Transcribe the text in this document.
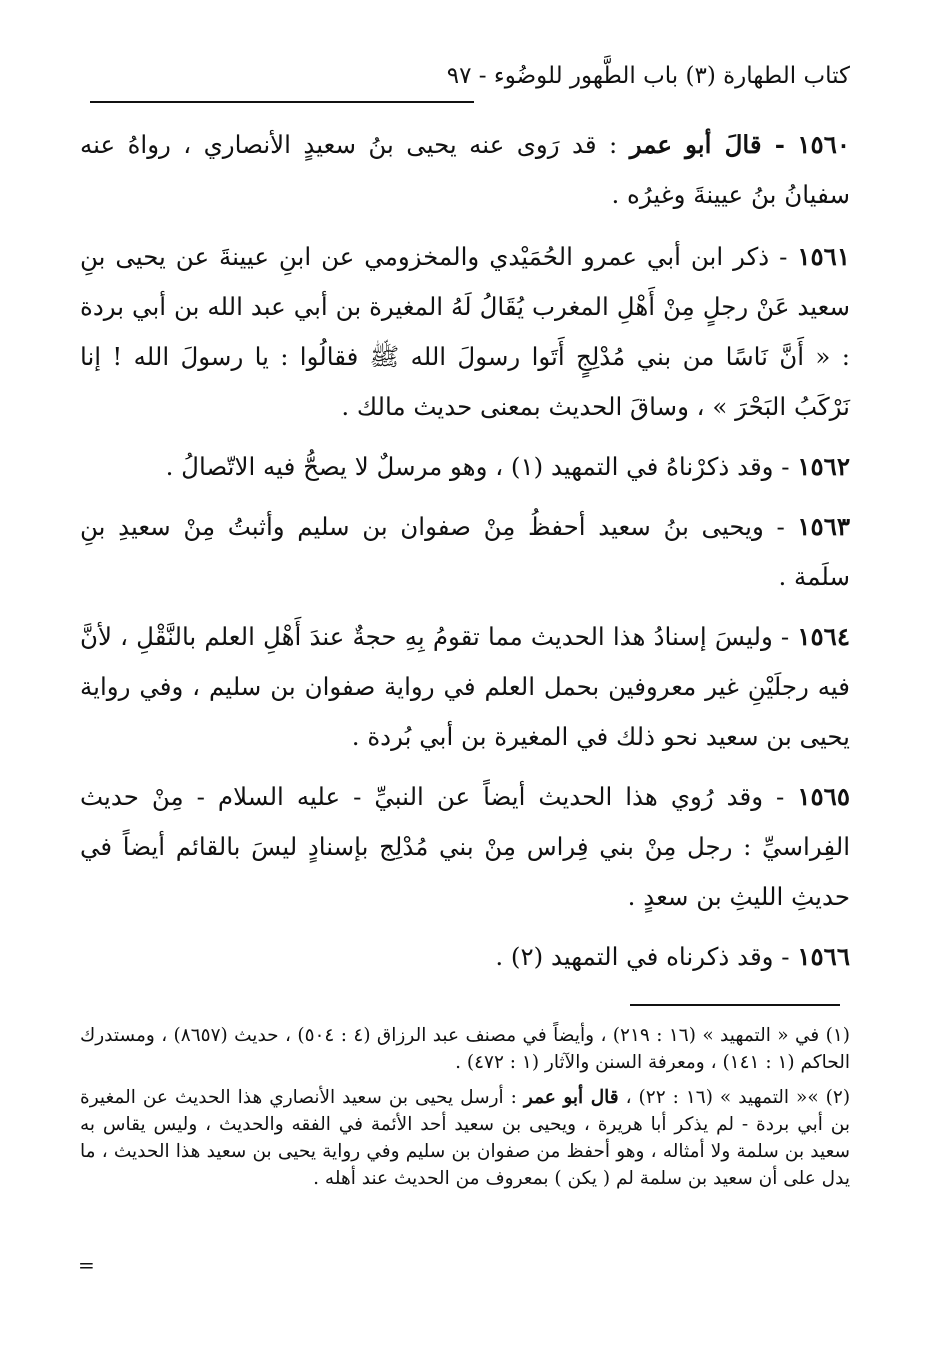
كتاب الطهارة (٣) باب الطَّهور للوضُوء - ٩٧

١٥٦٠ - قالَ أبو عمر : قد رَوى عنه يحيى بنُ سعيدٍ الأنصاري ، رواهُ عنه سفيانُ بنُ عيينةَ وغيرُه .

١٥٦١ - ذكر ابن أبي عمرو الحُمَيْدي والمخزومي عن ابنِ عيينةَ عن يحيى بنِ سعيد عَنْ رجلٍ مِنْ أَهْلِ المغرب يُقَالُ لَهُ المغيرة بن أبي عبد الله بن أبي بردة : « أَنَّ نَاسًا من بني مُدْلِجٍ أَتَوا رسولَ الله ﷺ فقالُوا : يا رسولَ الله ! إنا نَرْكَبُ البَحْرَ » ، وساقَ الحديث بمعنى حديث مالك .

١٥٦٢ - وقد ذكرْناهُ في التمهيد (١) ، وهو مرسلٌ لا يصحُّ فيه الاتّصالُ .

١٥٦٣ - ويحيى بنُ سعيد أحفظُ مِنْ صفوان بن سليم وأثبتُ مِنْ سعيدِ بنِ سلَمة .

١٥٦٤ - وليسَ إسنادُ هذا الحديث مما تقومُ بِهِ حجةٌ عندَ أَهْلِ العلم بالنَّقْلِ ، لأنَّ فيه رجلَيْنِ غير معروفين بحمل العلم في رواية صفوان بن سليم ، وفي رواية يحيى بن سعيد نحو ذلك في المغيرة بن أبي بُردة .

١٥٦٥ - وقد رُوي هذا الحديث أيضاً عن النبيِّ - عليه السلام - مِنْ حديث الفِراسيِّ : رجل مِنْ بني فِراس مِنْ بني مُدْلِج بإسنادٍ ليسَ بالقائم أيضاً في حديثِ الليثِ بن سعدٍ .

١٥٦٦ - وقد ذكرناه في التمهيد (٢) .

(١) في « التمهيد » (١٦ : ٢١٩) ، وأيضاً في مصنف عبد الرزاق (٤ : ٥٠٤) ، حديث (٨٦٥٧) ، ومستدرك الحاكم (١ : ١٤١) ، ومعرفة السنن والآثار (١ : ٤٧٢) .

(٢) »« التمهيد » (١٦ : ٢٢) ، قال أبو عمر : أرسل يحيى بن سعيد الأنصاري هذا الحديث عن المغيرة بن أبي بردة - لم يذكر أبا هريرة ، ويحيى بن سعيد أحد الأئمة في الفقه والحديث ، وليس يقاس به سعيد بن سلمة ولا أمثاله ، وهو أحفظ من صفوان بن سليم وفي رواية يحيى بن سعيد هذا الحديث ، ما يدل على أن سعيد بن سلمة لم ( يكن ) بمعروف من الحديث عند أهله .

=
